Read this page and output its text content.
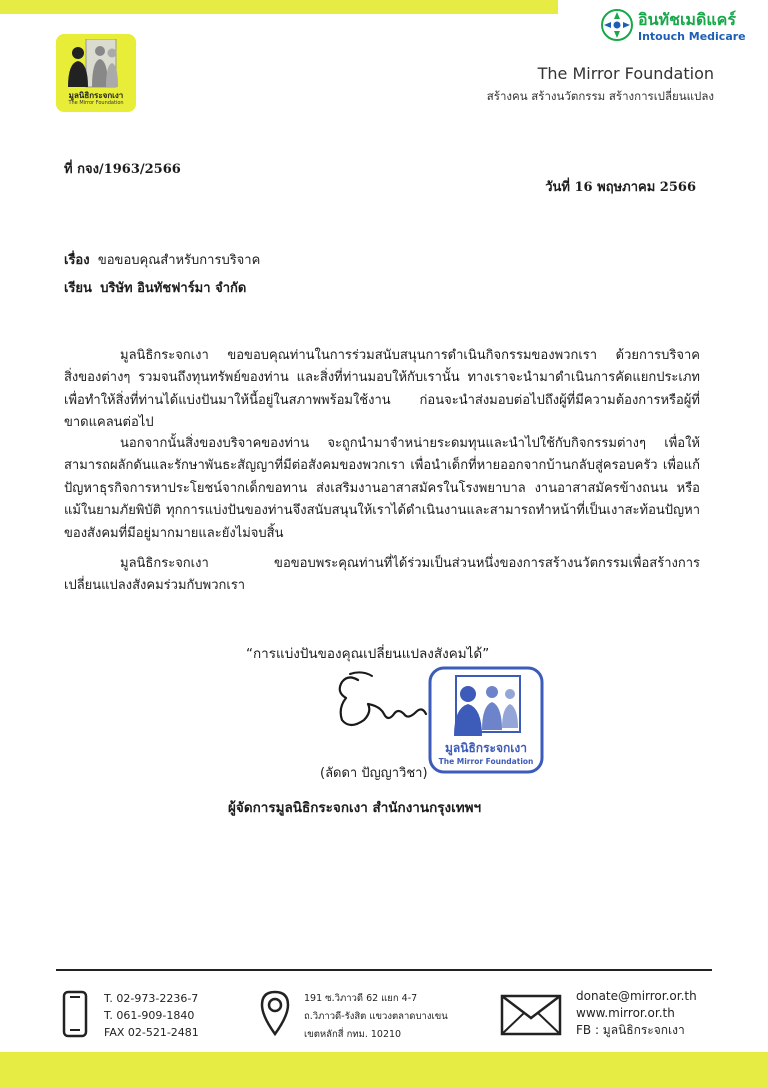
มูลนิธิกระจกเงา
The Mirror Foundation
อินทัชเมดิแคร์
Intouch Medicare
The Mirror Foundation
สร้างคน สร้างนวัตกรรม สร้างการเปลี่ยนแปลง
ที่ กจง/1963/2566
วันที่ 16 พฤษภาคม 2566
เรื่อง ขอขอบคุณสำหรับการบริจาค
เรียน บริษัท อินทัชฟาร์มา จำกัด
มูลนิธิกระจกเงา ขอขอบคุณท่านในการร่วมสนับสนุนการดำเนินกิจกรรมของพวกเรา ด้วยการบริจาคสิ่งของต่างๆ รวมจนถึงทุนทรัพย์ของท่าน และสิ่งที่ท่านมอบให้กับเรานั้น ทางเราจะนำมาดำเนินการคัดแยกประเภท เพื่อทำให้สิ่งที่ท่านได้แบ่งปันมาให้นี้อยู่ในสภาพพร้อมใช้งาน ก่อนจะนำส่งมอบต่อไปถึงผู้ที่มีความต้องการหรือผู้ที่ขาดแคลนต่อไป
นอกจากนั้นสิ่งของบริจาคของท่าน จะถูกนำมาจำหน่ายระดมทุนและนำไปใช้กับกิจกรรมต่างๆ เพื่อให้สามารถผลักดันและรักษาพันธะสัญญาที่มีต่อสังคมของพวกเรา เพื่อนำเด็กที่หายออกจากบ้านกลับสู่ครอบครัว เพื่อแก้ปัญหาธุรกิจการหาประโยชน์จากเด็กขอทาน ส่งเสริมงานอาสาสมัครในโรงพยาบาล งานอาสาสมัครข้างถนน หรือแม้ในยามภัยพิบัติ ทุกการแบ่งปันของท่านจึงสนับสนุนให้เราได้ดำเนินงานและสามารถทำหน้าที่เป็นเงาสะท้อนปัญหาของสังคมที่มีอยู่มากมายและยังไม่จบสิ้น
มูลนิธิกระจกเงา ขอขอบพระคุณท่านที่ได้ร่วมเป็นส่วนหนึ่งของการสร้างนวัตกรรมเพื่อสร้างการเปลี่ยนแปลงสังคมร่วมกับพวกเรา
“การแบ่งปันของคุณเปลี่ยนแปลงสังคมได้”
มูลนิธิกระจกเงา
The Mirror Foundation
(ลัดดา ปัญญาวิชา)
ผู้จัดการมูลนิธิกระจกเงา สำนักงานกรุงเทพฯ
T. 02-973-2236-7
T. 061-909-1840
FAX 02-521-2481
191 ซ.วิภาวดี 62 แยก 4-7
ถ.วิภาวดี-รังสิต แขวงตลาดบางเขน
เขตหลักสี่ กทม. 10210
donate@mirror.or.th
www.mirror.or.th
FB : มูลนิธิกระจกเงา
